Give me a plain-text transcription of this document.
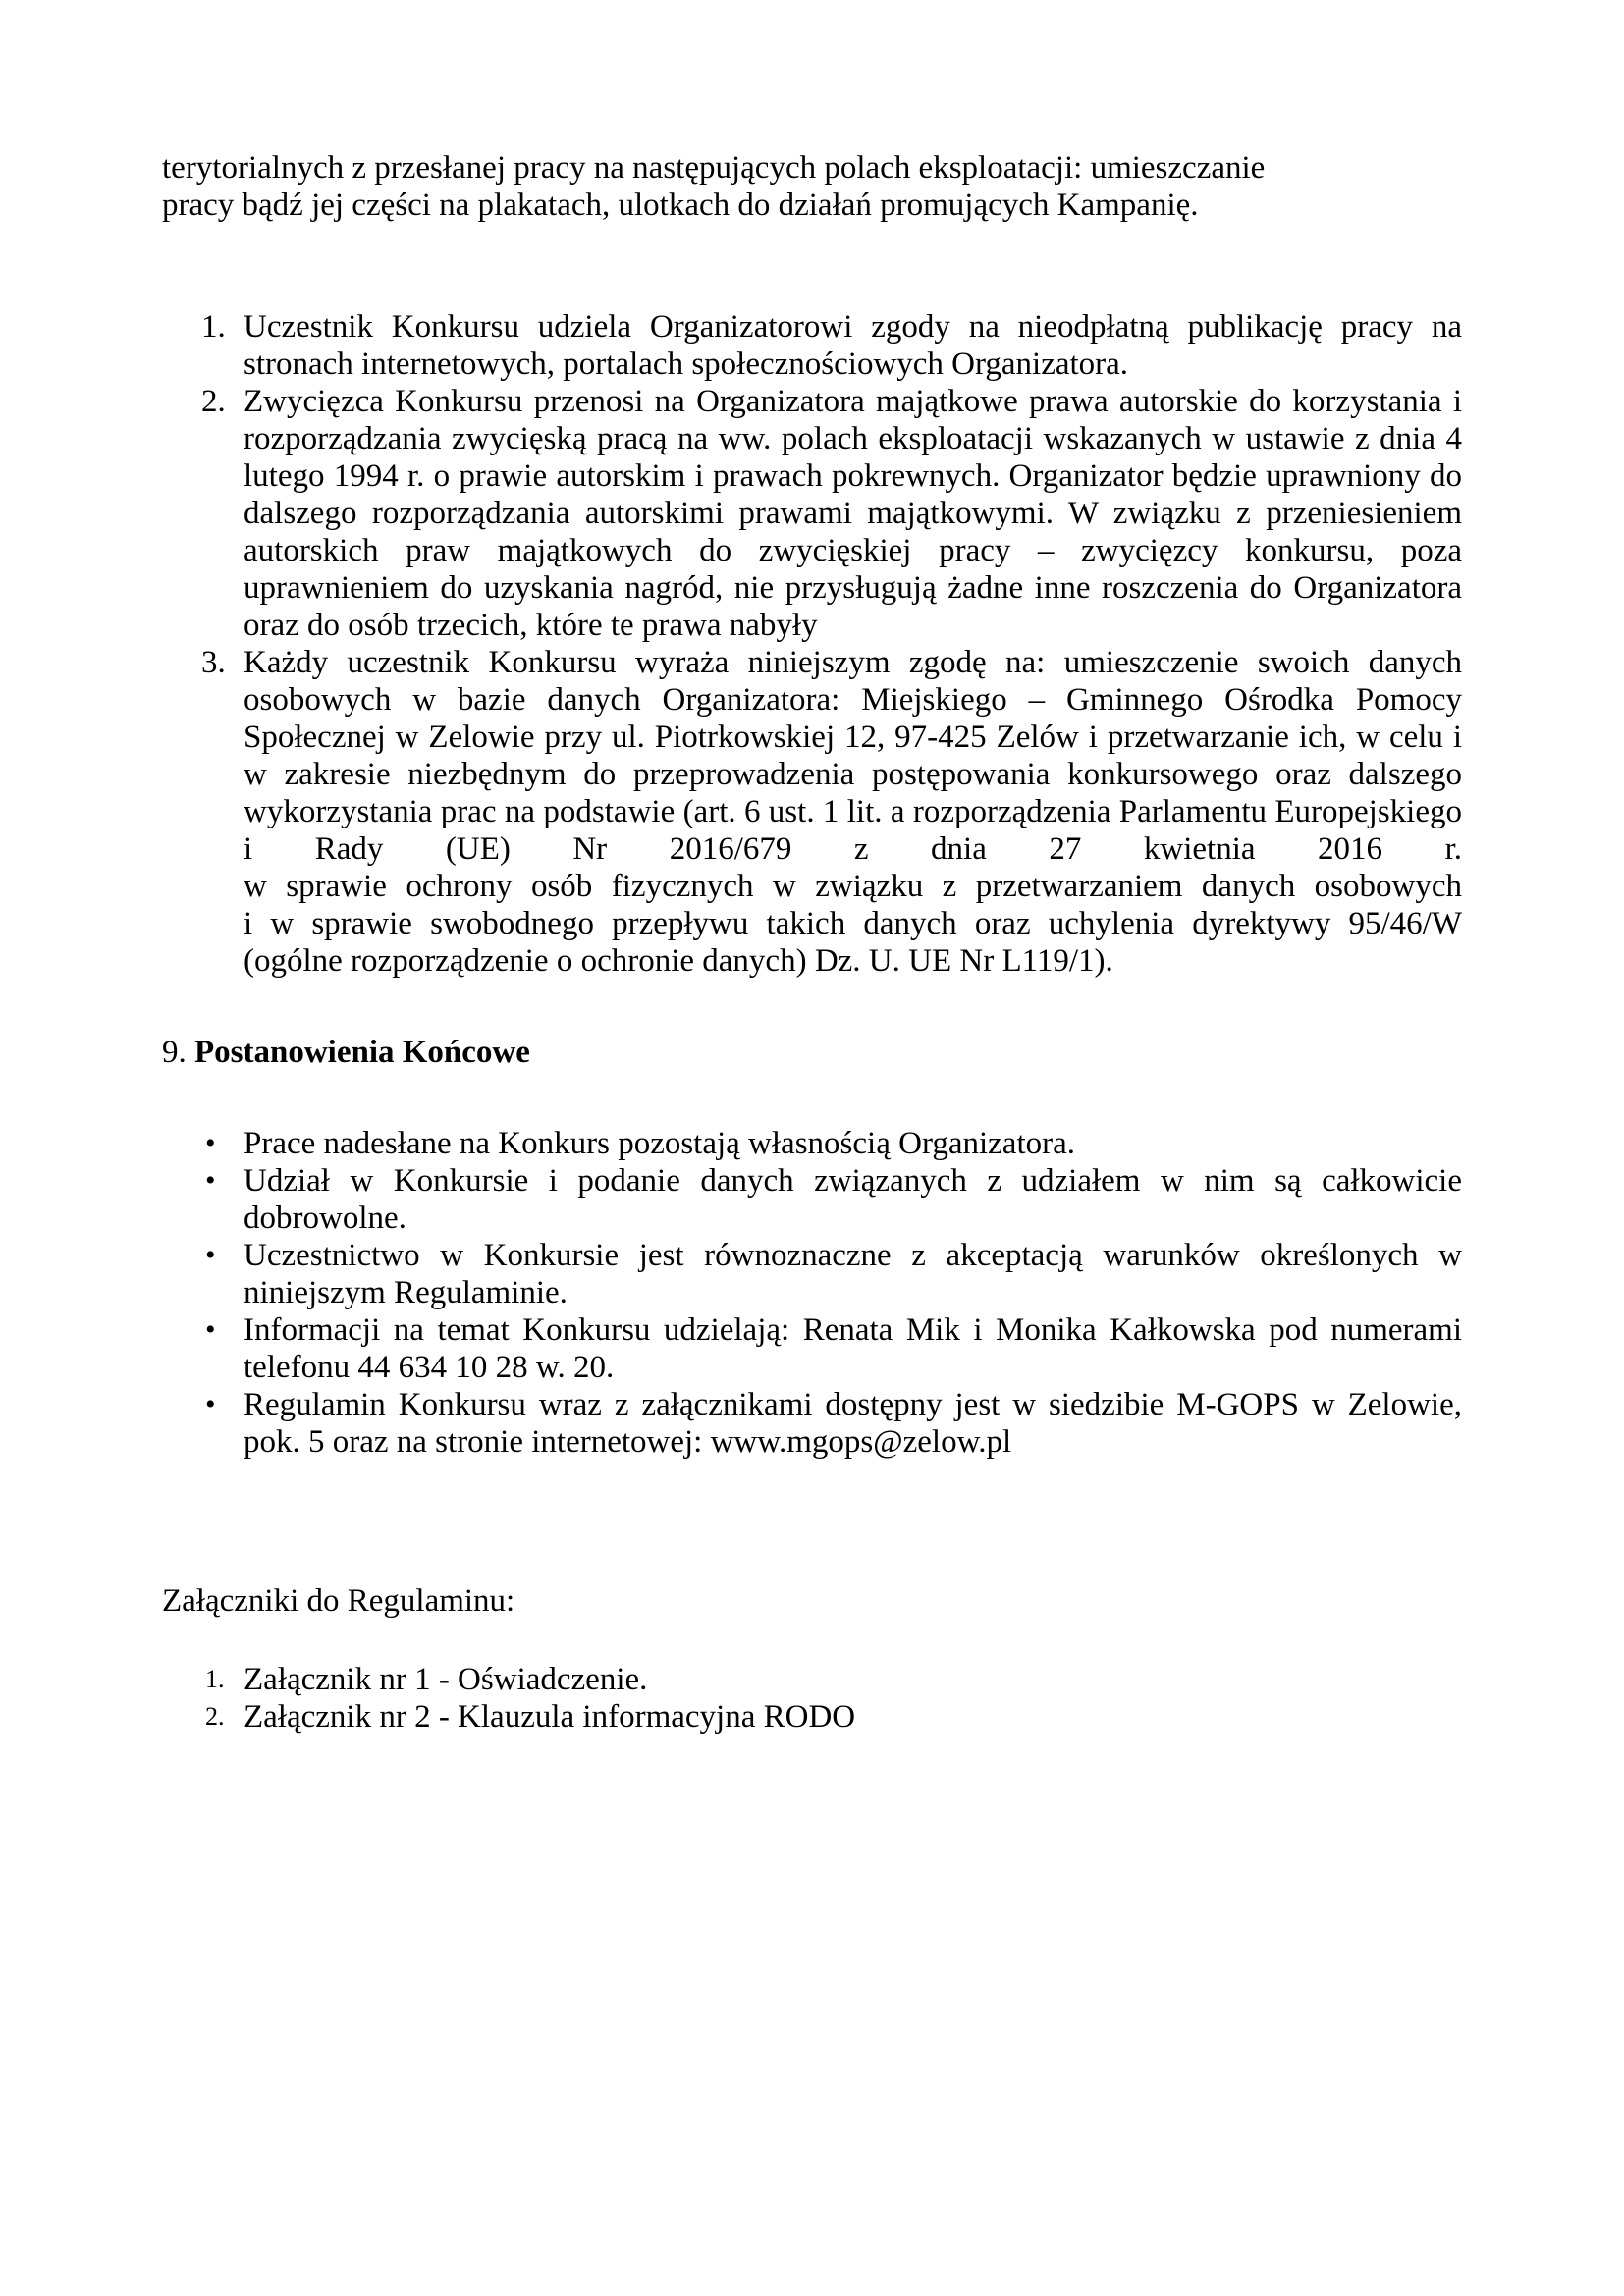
terytorialnych z przesłanej pracy na następujących polach eksploatacji: umieszczanie
pracy bądź jej części na plakatach, ulotkach do działań promujących Kampanię.
1. Uczestnik Konkursu udziela Organizatorowi zgody na nieodpłatną publikację pracy na stronach internetowych, portalach społecznościowych Organizatora.
2. Zwycięzca Konkursu przenosi na Organizatora majątkowe prawa autorskie do korzystania i rozporządzania zwycięską pracą na ww. polach eksploatacji wskazanych w ustawie z dnia 4 lutego 1994 r. o prawie autorskim i prawach pokrewnych. Organizator będzie uprawniony do dalszego rozporządzania autorskimi prawami majątkowymi. W związku z przeniesieniem autorskich praw majątkowych do zwycięskiej pracy – zwycięzcy konkursu, poza uprawnieniem do uzyskania nagród, nie przysługują żadne inne roszczenia do Organizatora oraz do osób trzecich, które te prawa nabyły
3. Każdy uczestnik Konkursu wyraża niniejszym zgodę na: umieszczenie swoich danych osobowych w bazie danych Organizatora: Miejskiego – Gminnego Ośrodka Pomocy Społecznej w Zelowie przy ul. Piotrkowskiej 12, 97-425 Zelów i przetwarzanie ich, w celu i w zakresie niezbędnym do przeprowadzenia postępowania konkursowego oraz dalszego wykorzystania prac na podstawie (art. 6 ust. 1 lit. a rozporządzenia Parlamentu Europejskiego i Rady (UE) Nr 2016/679 z dnia 27 kwietnia 2016 r.
w sprawie ochrony osób fizycznych w związku z przetwarzaniem danych osobowych
i w sprawie swobodnego przepływu takich danych oraz uchylenia dyrektywy 95/46/W (ogólne rozporządzenie o ochronie danych) Dz. U. UE Nr L119/1).
9. Postanowienia Końcowe
• Prace nadesłane na Konkurs pozostają własnością Organizatora.
• Udział w Konkursie i podanie danych związanych z udziałem w nim są całkowicie dobrowolne.
• Uczestnictwo w Konkursie jest równoznaczne z akceptacją warunków określonych w niniejszym Regulaminie.
• Informacji na temat Konkursu udzielają: Renata Mik i Monika Kałkowska pod numerami telefonu 44 634 10 28 w. 20.
• Regulamin Konkursu wraz z załącznikami dostępny jest w siedzibie M-GOPS w Zelowie, pok. 5 oraz na stronie internetowej: www.mgops@zelow.pl
Załączniki do Regulaminu:
1. Załącznik nr 1 - Oświadczenie.
2. Załącznik nr 2 - Klauzula informacyjna RODO
